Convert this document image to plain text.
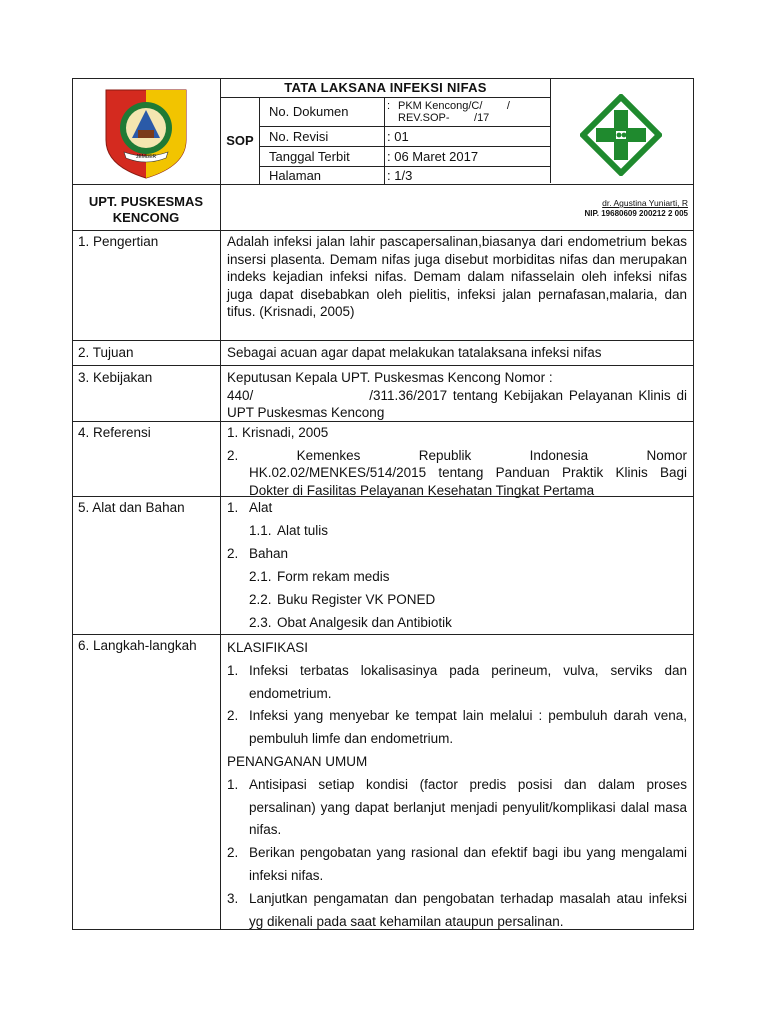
JEMBER
TATA LAKSANA INFEKSI NIFAS
SOP
No. Dokumen	: PKM Kencong/C/        /
REV.SOP-        /17
No. Revisi	: 01
Tanggal Terbit	: 06 Maret 2017
Halaman	: 1/3
UPT. PUSKESMAS
KENCONG
dr. Agustina Yuniarti, R
NIP. 19680609 200212 2 005
1. Pengertian	Adalah infeksi jalan lahir pascapersalinan,biasanya dari endometrium bekas insersi plasenta. Demam nifas juga disebut morbiditas nifas dan merupakan indeks kejadian infeksi nifas. Demam dalam nifasselain oleh infeksi nifas juga dapat disebabkan oleh pielitis, infeksi jalan pernafasan,malaria, dan tifus. (Krisnadi, 2005)
2. Tujuan	Sebagai acuan agar dapat melakukan tatalaksana infeksi nifas
3. Kebijakan	Keputusan Kepala UPT. Puskesmas Kencong Nomor :
440/                    /311.36/2017 tentang Kebijakan Pelayanan Klinis di
UPT Puskesmas Kencong
4. Referensi	1. Krisnadi, 2005
2. Kemenkes Republik Indonesia Nomor
HK.02.02/MENKES/514/2015 tentang Panduan Praktik Klinis Bagi Dokter di Fasilitas Pelayanan Kesehatan Tingkat Pertama
5. Alat dan Bahan	1. Alat
1.1. Alat tulis
2. Bahan
2.1. Form rekam medis
2.2. Buku Register VK PONED
2.3. Obat Analgesik dan Antibiotik
6. Langkah-langkah KLASIFIKASI
1. Infeksi terbatas lokalisasinya pada perineum, vulva, serviks dan endometrium.
2. Infeksi yang menyebar ke tempat lain melalui : pembuluh darah vena, pembuluh limfe dan endometrium.
PENANGANAN UMUM
1. Antisipasi setiap kondisi (factor predis posisi dan dalam proses persalinan) yang dapat berlanjut menjadi penyulit/komplikasi dalal masa nifas.
2. Berikan pengobatan yang rasional dan efektif bagi ibu yang mengalami infeksi nifas.
3. Lanjutkan pengamatan dan pengobatan terhadap masalah atau infeksi yg dikenali pada saat kehamilan ataupun persalinan.
